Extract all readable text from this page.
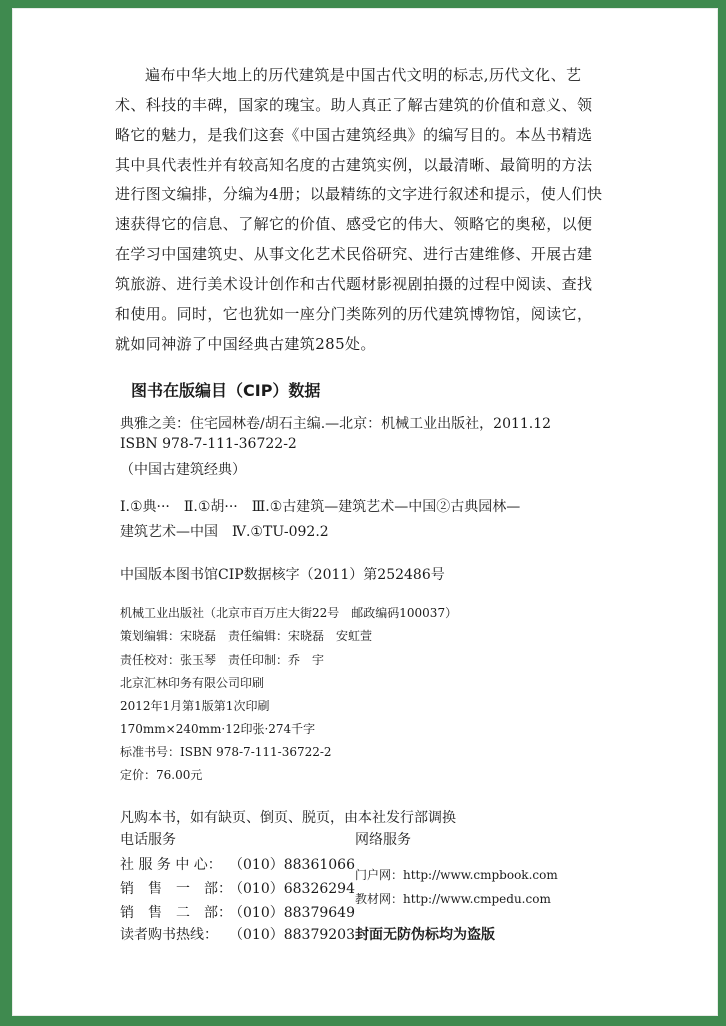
遍布中华大地上的历代建筑是中国古代文明的标志,历代文化、艺

术、科技的丰碑，国家的瑰宝。助人真正了解古建筑的价值和意义、领

略它的魅力，是我们这套《中国古建筑经典》的编写目的。本丛书精选

其中具代表性并有较高知名度的古建筑实例，以最清晰、最简明的方法

进行图文编排，分编为4册；以最精练的文字进行叙述和提示，使人们快

速获得它的信息、了解它的价值、感受它的伟大、领略它的奥秘，以便

在学习中国建筑史、从事文化艺术民俗研究、进行古建维修、开展古建

筑旅游、进行美术设计创作和古代题材影视剧拍摄的过程中阅读、查找

和使用。同时，它也犹如一座分门类陈列的历代建筑博物馆，阅读它，

就如同神游了中国经典古建筑285处。

图书在版编目（CIP）数据
典雅之美：住宅园林卷/胡石主编.—北京：机械工业出版社，2011.12
ISBN 978-7-111-36722-2
（中国古建筑经典）
Ⅰ.①典···　Ⅱ.①胡···　Ⅲ.①古建筑—建筑艺术—中国②古典园林—
建筑艺术—中国　Ⅳ.①TU-092.2
中国版本图书馆CIP数据核字（2011）第252486号
机械工业出版社（北京市百万庄大街22号　邮政编码100037）
策划编辑：宋晓磊　责任编辑：宋晓磊　安虹萱
责任校对：张玉琴　责任印制：乔　宇
北京汇林印务有限公司印刷
2012年1月第1版第1次印刷
170mm×240mm·12印张·274千字
标准书号：ISBN 978-7-111-36722-2
定价：76.00元
凡购本书，如有缺页、倒页、脱页，由本社发行部调换
电话服务	网络服务
社 服 务 中 心： （010）88361066
销　售　一　部：
（010）68326294
销　售　二　部：
（010）88379649
读者购书热线： （010）88379203
门户网：http://www.cmpbook.com
教材网：http://www.cmpedu.com
封面无防伪标均为盗版
